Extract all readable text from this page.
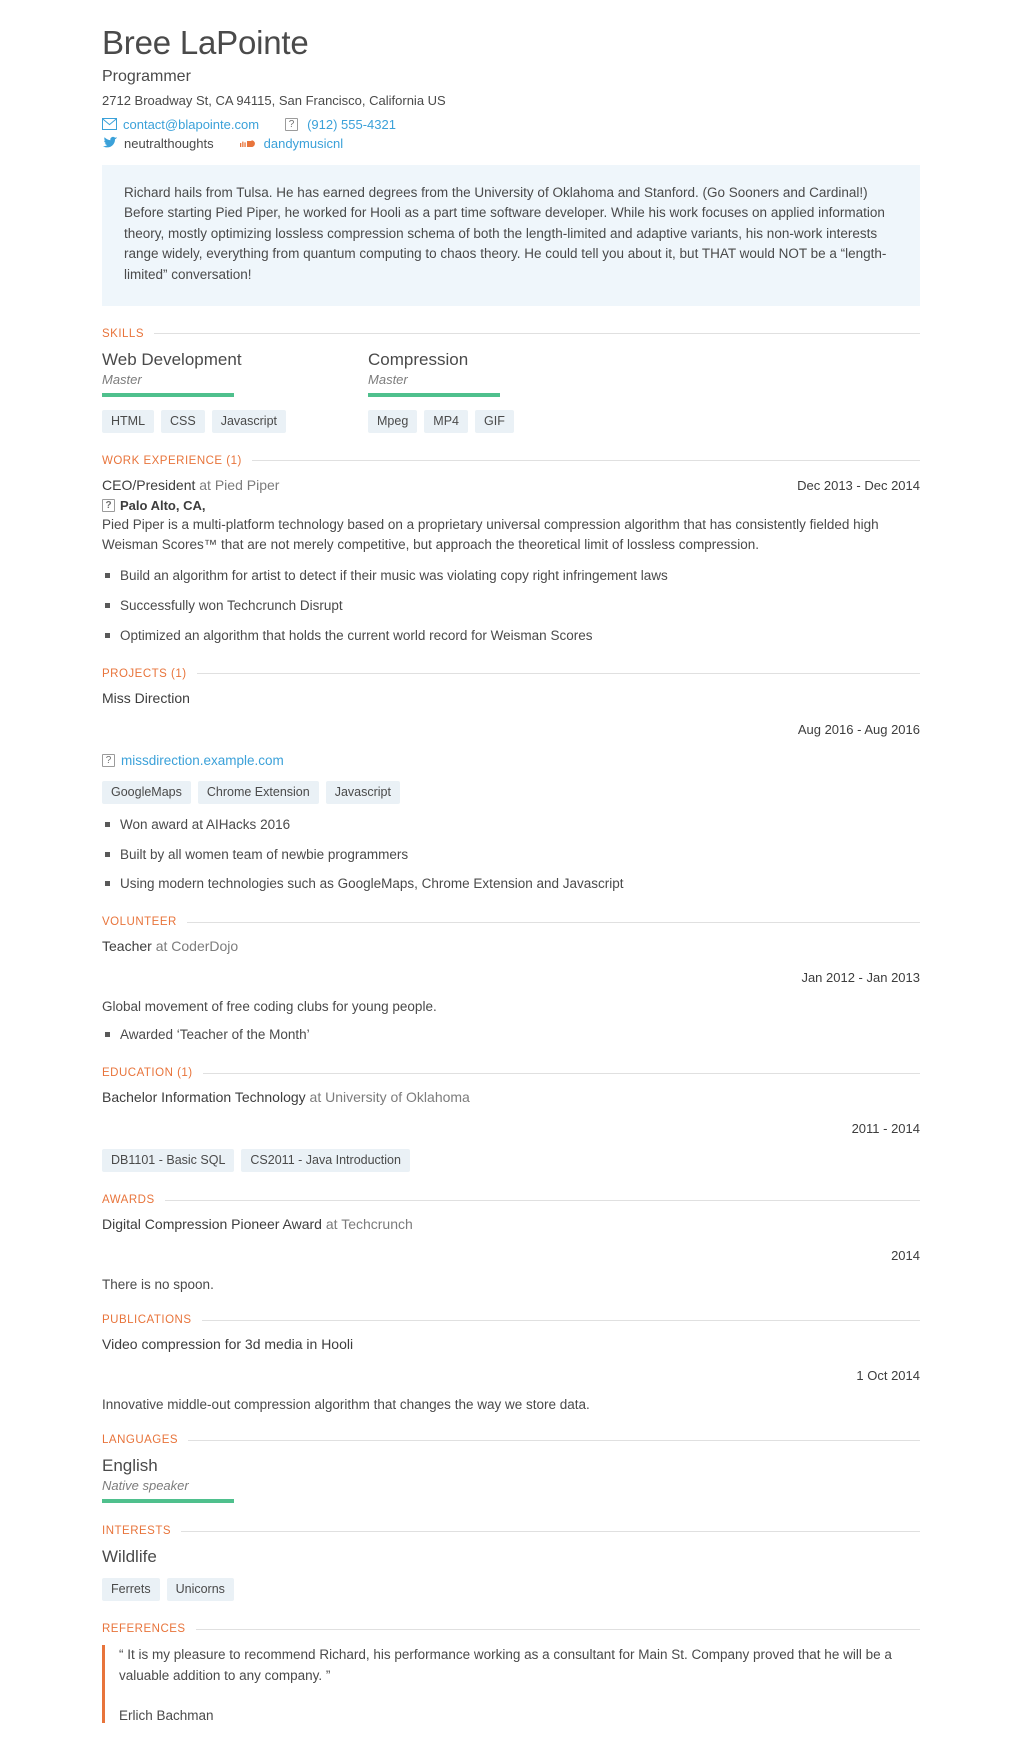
Bree LaPointe
Programmer
2712 Broadway St, CA 94115, San Francisco, California US
contact@blapointe.com	? (912) 555-4321
neutralthoughts	dandymusicnl
Richard hails from Tulsa. He has earned degrees from the University of Oklahoma and Stanford. (Go Sooners and Cardinal!) Before starting Pied Piper, he worked for Hooli as a part time software developer. While his work focuses on applied information theory, mostly optimizing lossless compression schema of both the length-limited and adaptive variants, his non-work interests range widely, everything from quantum computing to chaos theory. He could tell you about it, but THAT would NOT be a “length-limited” conversation!
SKILLS
Web Development
Master
HTML	CSS	Javascript
Compression
Master
Mpeg	MP4	GIF
WORK EXPERIENCE (1)
CEO/President at Pied Piper	Dec 2013 - Dec 2014
? Palo Alto, CA,
Pied Piper is a multi-platform technology based on a proprietary universal compression algorithm that has consistently fielded high Weisman Scores™ that are not merely competitive, but approach the theoretical limit of lossless compression.
Build an algorithm for artist to detect if their music was violating copy right infringement laws
Successfully won Techcrunch Disrupt
Optimized an algorithm that holds the current world record for Weisman Scores
PROJECTS (1)
Miss Direction
Aug 2016 - Aug 2016
? missdirection.example.com
GoogleMaps	Chrome Extension	Javascript
Won award at AIHacks 2016
Built by all women team of newbie programmers
Using modern technologies such as GoogleMaps, Chrome Extension and Javascript
VOLUNTEER
Teacher at CoderDojo
Jan 2012 - Jan 2013
Global movement of free coding clubs for young people.
Awarded ‘Teacher of the Month’
EDUCATION (1)
Bachelor Information Technology at University of Oklahoma
2011 - 2014
DB1101 - Basic SQL	CS2011 - Java Introduction
AWARDS
Digital Compression Pioneer Award at Techcrunch
2014
There is no spoon.
PUBLICATIONS
Video compression for 3d media in Hooli
1 Oct 2014
Innovative middle-out compression algorithm that changes the way we store data.
LANGUAGES
English
Native speaker
INTERESTS
Wildlife
Ferrets	Unicorns
REFERENCES
“ It is my pleasure to recommend Richard, his performance working as a consultant for Main St. Company proved that he will be a valuable addition to any company. ”
Erlich Bachman
